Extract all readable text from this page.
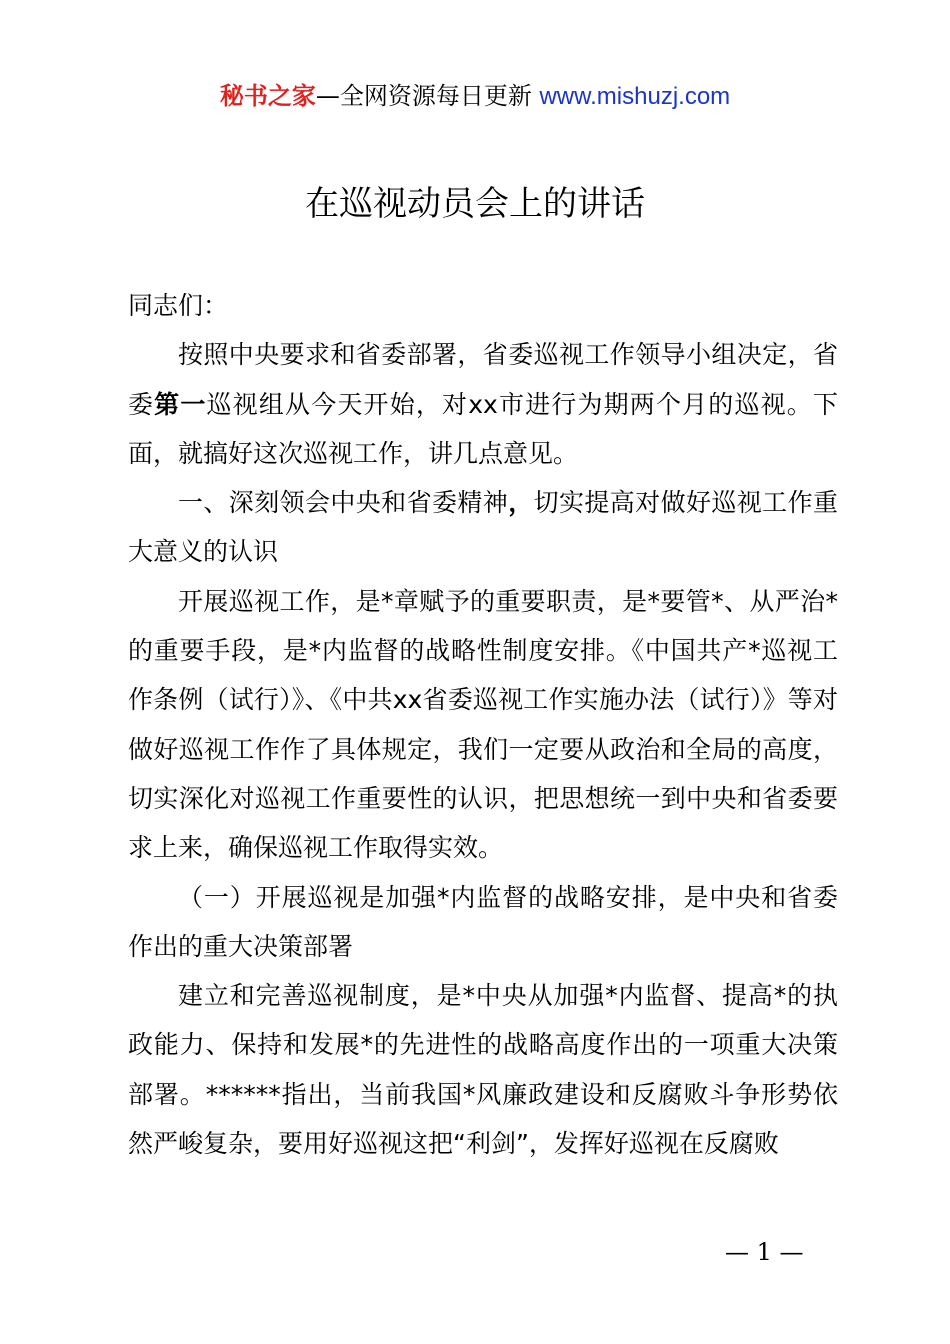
秘书之家—全网资源每日更新 www.mishuzj.com
在巡视动员会上的讲话

同志们：

按照中央要求和省委部署，省委巡视工作领导小组决定，省委第一巡视组从今天开始，对xx市进行为期两个月的巡视。下面，就搞好这次巡视工作，讲几点意见。

一、深刻领会中央和省委精神，切实提高对做好巡视工作重大意义的认识

开展巡视工作，是*章赋予的重要职责，是*要管*、从严治*的重要手段，是*内监督的战略性制度安排。《中国共产*巡视工作条例（试行）》、《中共xx省委巡视工作实施办法（试行）》等对做好巡视工作作了具体规定，我们一定要从政治和全局的高度，切实深化对巡视工作重要性的认识，把思想统一到中央和省委要求上来，确保巡视工作取得实效。

（一）开展巡视是加强*内监督的战略安排，是中央和省委作出的重大决策部署

建立和完善巡视制度，是*中央从加强*内监督、提高*的执政能力、保持和发展*的先进性的战略高度作出的一项重大决策部署。******指出，当前我国*风廉政建设和反腐败斗争形势依然严峻复杂，要用好巡视这把“利剑”，发挥好巡视在反腐败

— 1 —
